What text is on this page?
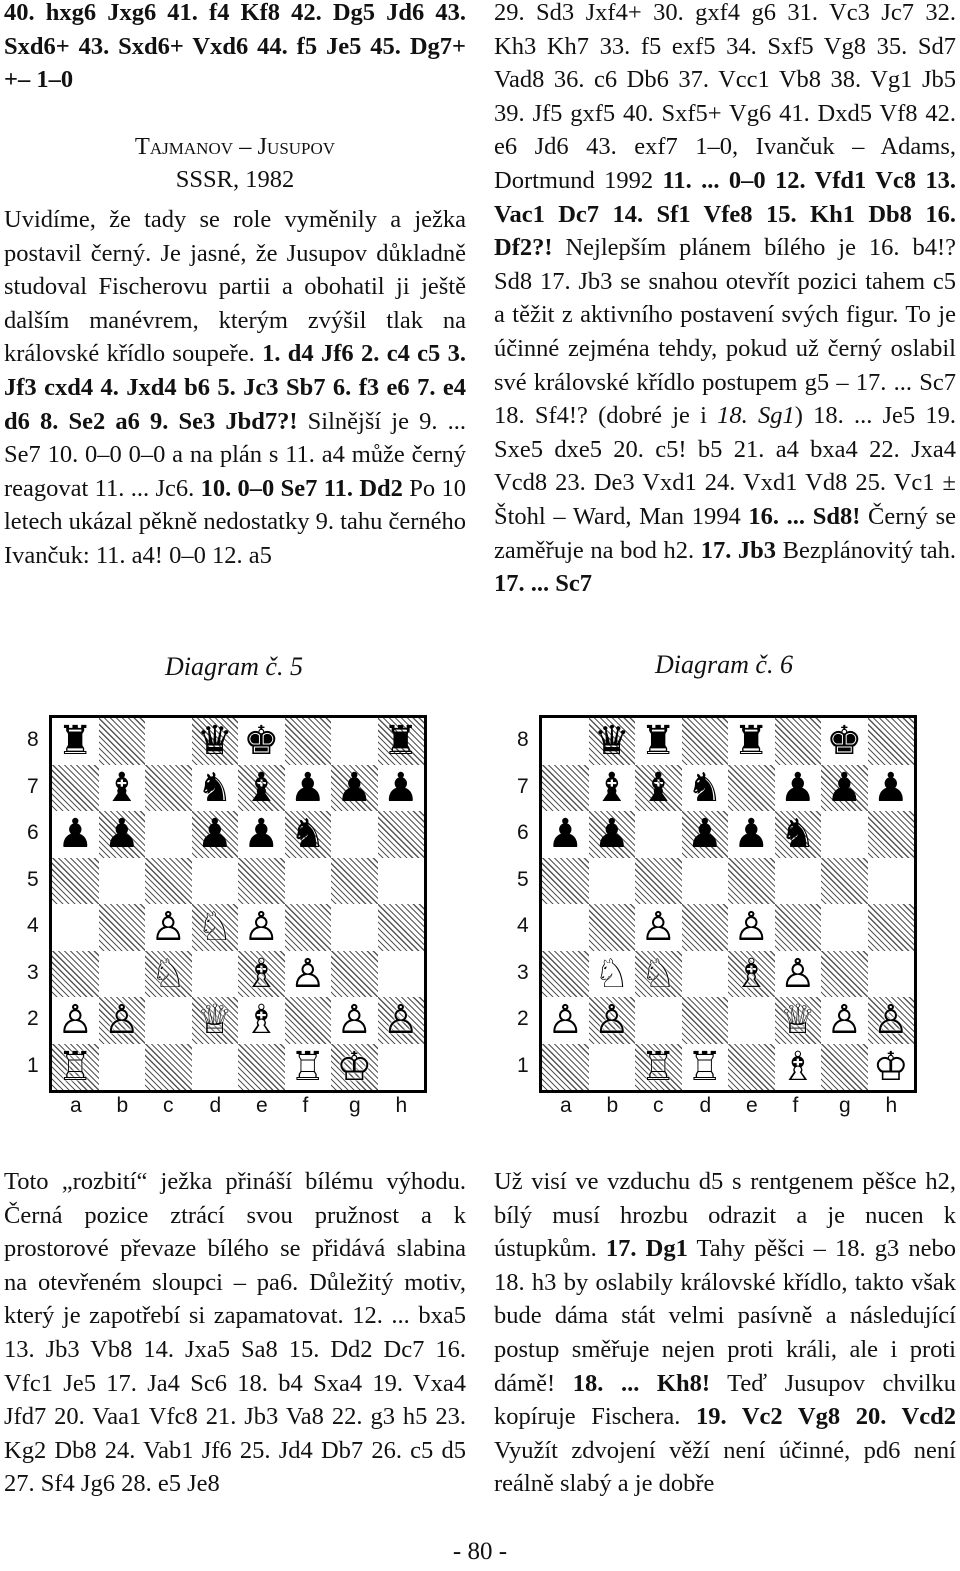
40. hxg6 Jxg6 41. f4 Kf8 42. Dg5 Jd6 43. Sxd6+ 43. Sxd6+ Vxd6 44. f5 Je5 45. Dg7+ +– 1–0

Tajmanov – Jusupov

SSSR, 1982

Uvidíme, že tady se role vyměnily a ježka postavil černý. Je jasné, že Jusupov důkladně studoval Fischerovu partii a obohatil ji ještě dalším manévrem, kterým zvýšil tlak na královské křídlo soupeře. 1. d4 Jf6 2. c4 c5 3. Jf3 cxd4 4. Jxd4 b6 5. Jc3 Sb7 6. f3 e6 7. e4 d6 8. Se2 a6 9. Se3 Jbd7?! Silnější je 9. ... Se7 10. 0–0 0–0 a na plán s 11. a4 může černý reagovat 11. ... Jc6. 10. 0–0 Se7 11. Dd2 Po 10 letech ukázal pěkně nedostatky 9. tahu černého Ivančuk: 11. a4! 0–0 12. a5

29. Sd3 Jxf4+ 30. gxf4 g6 31. Vc3 Jc7 32. Kh3 Kh7 33. f5 exf5 34. Sxf5 Vg8 35. Sd7 Vad8 36. c6 Db6 37. Vcc1 Vb8 38. Vg1 Jb5 39. Jf5 gxf5 40. Sxf5+ Vg6 41. Dxd5 Vf8 42. e6 Jd6 43. exf7 1–0, Ivančuk – Adams, Dortmund 1992 11. ... 0–0 12. Vfd1 Vc8 13. Vac1 Dc7 14. Sf1 Vfe8 15. Kh1 Db8 16. Df2?! Nejlepším plánem bílého je 16. b4!? Sd8 17. Jb3 se snahou otevřít pozici tahem c5 a těžit z aktivního postavení svých figur. To je účinné zejména tehdy, pokud už černý oslabil své královské křídlo postupem g5 – 17. ... Sc7 18. Sf4!? (dobré je i 18. Sg1) 18. ... Je5 19. Sxe5 dxe5 20. c5! b5 21. a4 bxa4 22. Jxa4 Vcd8 23. De3 Vxd1 24. Vxd1 Vd8 25. Vc1 ± Štohl – Ward, Man 1994 16. ... Sd8! Černý se zaměřuje na bod h2. 17. Jb3 Bezplánovitý tah. 17. ... Sc7

Diagram č. 5	Diagram č. 6
♜	♛ ♚	♜
♝ ♞ ♝ ♟ ♟ ♟
♟ ♟ ♟ ♟ ♞
♙ ♘ ♙
♘ ♗ ♙
♙ ♙ ♕ ♗ ♙ ♙
♖	♖ ♔
8
7
6
5
4
3
2
1
a b c d e f g h
♛ ♜ ♜ ♚
♝ ♝ ♞ ♟ ♟ ♟
♟ ♟ ♟ ♟ ♞
♙ ♙
♘ ♘ ♗ ♙
♙ ♙	♕ ♙ ♙
♖ ♖ ♗ ♔
8
7
6
5
4
3
2
1
a b c d e f g h

Toto „rozbití“ ježka přináší bílému výhodu. Černá pozice ztrácí svou pružnost a k prostorové převaze bílého se přidává slabina na otevřeném sloupci – pa6. Důležitý motiv, který je zapotřebí si zapamatovat. 12. ... bxa5 13. Jb3 Vb8 14. Jxa5 Sa8 15. Dd2 Dc7 16. Vfc1 Je5 17. Ja4 Sc6 18. b4 Sxa4 19. Vxa4 Jfd7 20. Vaa1 Vfc8 21. Jb3 Va8 22. g3 h5 23. Kg2 Db8 24. Vab1 Jf6 25. Jd4 Db7 26. c5 d5 27. Sf4 Jg6 28. e5 Je8

Už visí ve vzduchu d5 s rentgenem pěšce h2, bílý musí hrozbu odrazit a je nucen k ústupkům. 17. Dg1 Tahy pěšci – 18. g3 nebo 18. h3 by oslabily královské křídlo, takto však bude dáma stát velmi pasívně a následující postup směřuje nejen proti králi, ale i proti dámě! 18. ... Kh8! Teď Jusupov chvilku kopíruje Fischera. 19. Vc2 Vg8 20. Vcd2 Využít zdvojení věží není účinné, pd6 není reálně slabý a je dobře

- 80 -
